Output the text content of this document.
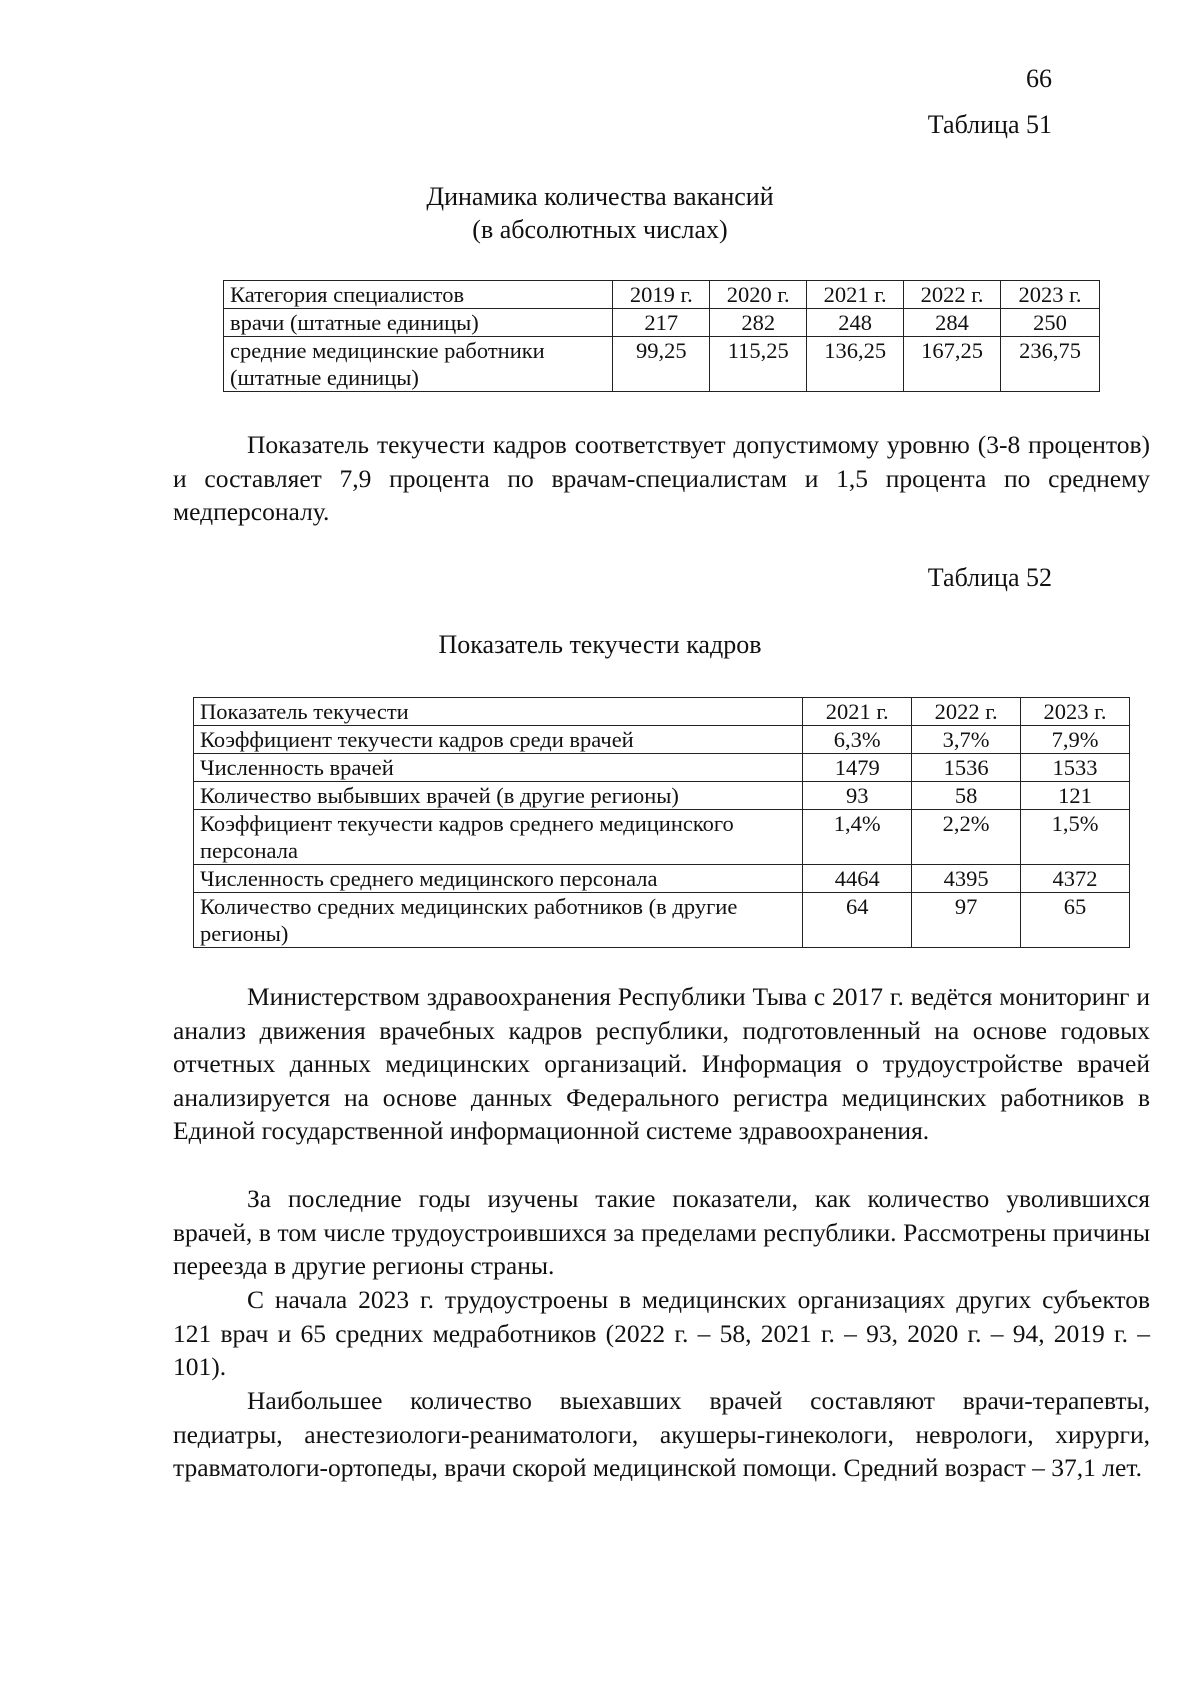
66
Таблица 51
Динамика количества вакансий
(в абсолютных числах)
Категория специалистов	2019 г.	2020 г.	2021 г.	2022 г.	2023 г.
врачи (штатные единицы)	217	282	248	284	250
средние медицинские работники (штатные единицы)	99,25	115,25	136,25	167,25	236,75

Показатель текучести кадров соответствует допустимому уровню (3-8 процентов) и составляет 7,9 процента по врачам-специалистам и 1,5 процента по среднему медперсоналу.

Таблица 52
Показатель текучести кадров
Показатель текучести	2021 г.	2022 г.	2023 г.
Коэффициент текучести кадров среди врачей	6,3%	3,7%	7,9%
Численность врачей	1479	1536	1533
Количество выбывших врачей (в другие регионы)	93	58	121
Коэффициент текучести кадров среднего медицинского персонала	1,4%	2,2%	1,5%
Численность среднего медицинского персонала	4464	4395	4372
Количество средних медицинских работников (в другие регионы)	64	97	65

Министерством здравоохранения Республики Тыва с 2017 г. ведётся мониторинг и анализ движения врачебных кадров республики, подготовленный на основе годовых отчетных данных медицинских организаций. Информация о трудоустройстве врачей анализируется на основе данных Федерального регистра медицинских работников в Единой государственной информационной системе здравоохранения.

За последние годы изучены такие показатели, как количество уволившихся врачей, в том числе трудоустроившихся за пределами республики. Рассмотрены причины переезда в другие регионы страны.

С начала 2023 г. трудоустроены в медицинских организациях других субъектов 121 врач и 65 средних медработников (2022 г. – 58, 2021 г. – 93, 2020 г. – 94, 2019 г. – 101).

Наибольшее количество выехавших врачей составляют врачи-терапевты, педиатры, анестезиологи-реаниматологи, акушеры-гинекологи, неврологи, хирурги, травматологи-ортопеды, врачи скорой медицинской помощи. Средний возраст – 37,1 лет.
